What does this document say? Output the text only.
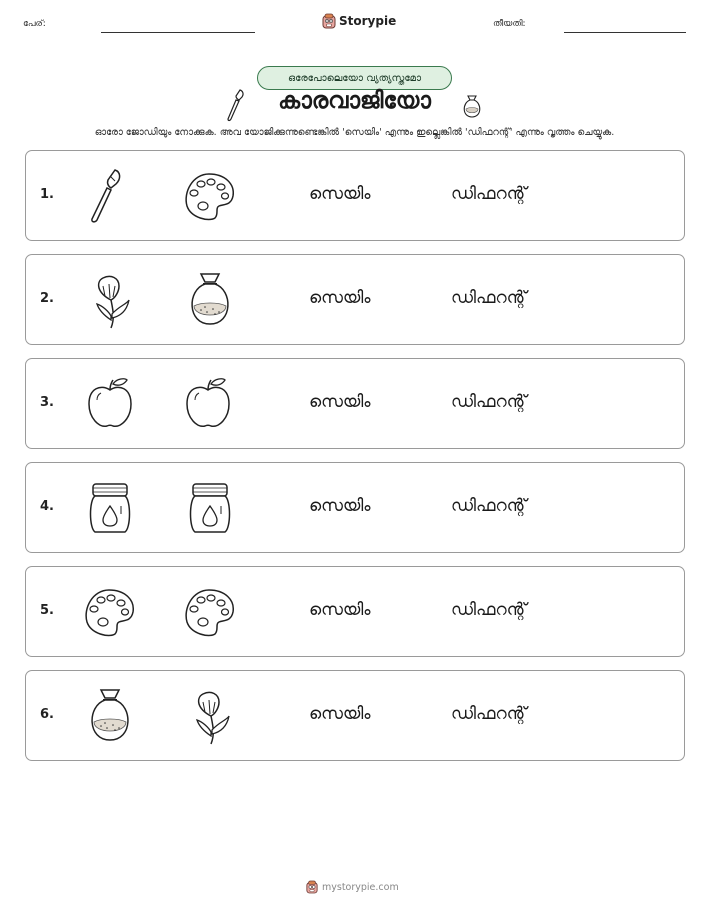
പേര്:	Storypie	തീയതി:
ഒരേപോലെയോ വ്യത്യസ്തമോ
കാരവാജിയോ
ഓരോ ജോഡിയും നോക്കുക. അവ യോജിക്കുന്നുണ്ടെങ്കിൽ 'സെയിം' എന്നും ഇല്ലെങ്കിൽ 'ഡിഫറന്റ്' എന്നും വൃത്തം ചെയ്യുക.
1.	സെയിം	ഡിഫറന്റ്
2.	സെയിം	ഡിഫറന്റ്
3.	സെയിം	ഡിഫറന്റ്
4.	സെയിം	ഡിഫറന്റ്
5.	സെയിം	ഡിഫറന്റ്
6.	സെയിം	ഡിഫറന്റ്
mystorypie.com
